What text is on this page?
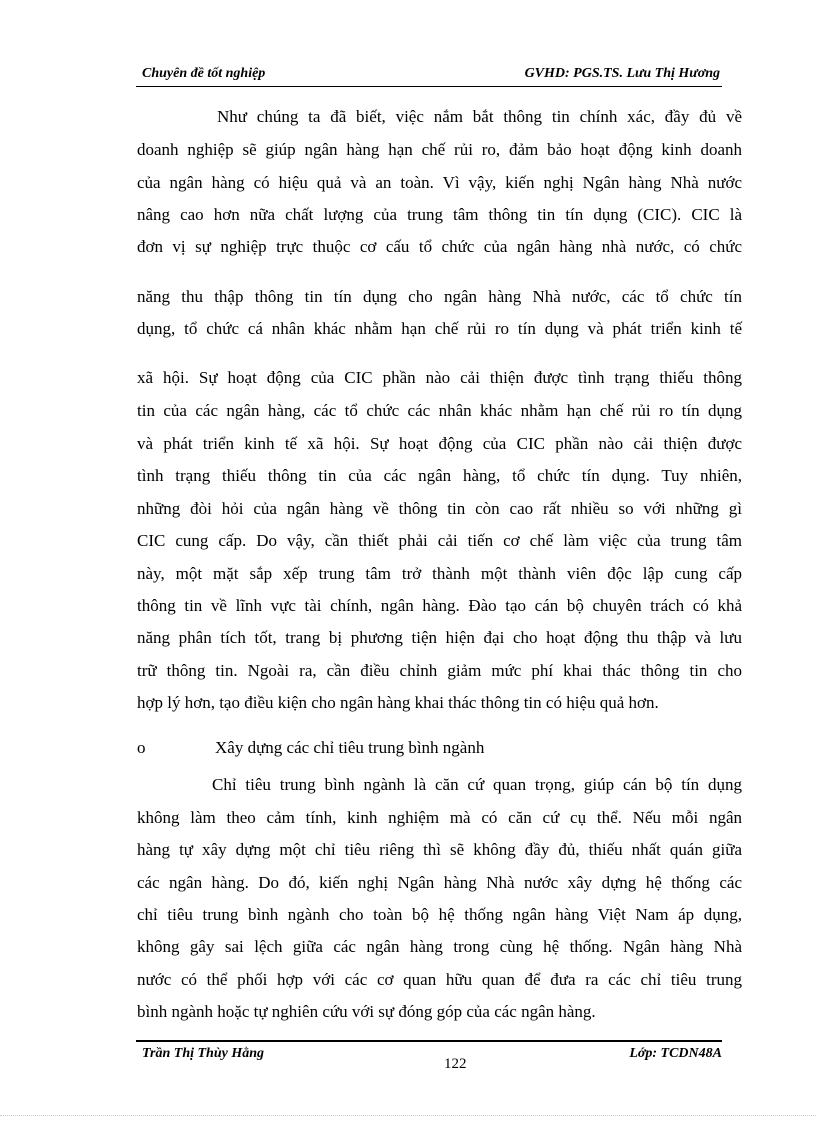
Chuyên đề tốt nghiệp	GVHD: PGS.TS. Lưu Thị Hương
Như chúng ta đã biết, việc nắm bắt thông tin chính xác, đầy đủ về
doanh nghiệp sẽ giúp ngân hàng hạn chế rủi ro, đảm bảo hoạt động kinh doanh
của ngân hàng có hiệu quả và an toàn. Vì vậy, kiến nghị Ngân hàng Nhà nước
nâng cao hơn nữa chất lượng của trung tâm thông tin tín dụng (CIC). CIC là
đơn vị sự nghiệp trực thuộc cơ cấu tổ chức của ngân hàng nhà nước, có chức
năng thu thập thông tin tín dụng cho ngân hàng Nhà nước, các tổ chức tín
dụng, tổ chức cá nhân khác nhằm hạn chế rủi ro tín dụng và phát triển kinh tế
xã hội. Sự hoạt động của CIC phần nào cải thiện được tình trạng thiếu thông
tin của các ngân hàng, các tổ chức các nhân khác nhằm hạn chế rủi ro tín dụng
và phát triển kinh tế xã hội. Sự hoạt động của CIC phần nào cải thiện được
tình trạng thiếu thông tin của các ngân hàng, tổ chức tín dụng. Tuy nhiên,
những đòi hỏi của ngân hàng về thông tin còn cao rất nhiều so với những gì
CIC cung cấp. Do vậy, cần thiết phải cải tiến cơ chế làm việc của trung tâm
này, một mặt sắp xếp trung tâm trở thành một thành viên độc lập cung cấp
thông tin về lĩnh vực tài chính, ngân hàng. Đào tạo cán bộ chuyên trách có khả
năng phân tích tốt, trang bị phương tiện hiện đại cho hoạt động thu thập và lưu
trữ thông tin. Ngoài ra, cần điều chỉnh giảm mức phí khai thác thông tin cho
hợp lý hơn, tạo điều kiện cho ngân hàng khai thác thông tin có hiệu quả hơn.
o	Xây dựng các chỉ tiêu trung bình ngành
Chỉ tiêu trung bình ngành là căn cứ quan trọng, giúp cán bộ tín dụng
không làm theo cảm tính, kinh nghiệm mà có căn cứ cụ thể. Nếu mỗi ngân
hàng tự xây dựng một chỉ tiêu riêng thì sẽ không đầy đủ, thiếu nhất quán giữa
các ngân hàng. Do đó, kiến nghị Ngân hàng Nhà nước xây dựng hệ thống các
chỉ tiêu trung bình ngành cho toàn bộ hệ thống ngân hàng Việt Nam áp dụng,
không gây sai lệch giữa các ngân hàng trong cùng hệ thống. Ngân hàng Nhà
nước có thể phối hợp với các cơ quan hữu quan để đưa ra các chỉ tiêu trung
bình ngành hoặc tự nghiên cứu với sự đóng góp của các ngân hàng.
Trần Thị Thùy Hằng
122
Lớp: TCDN48A
